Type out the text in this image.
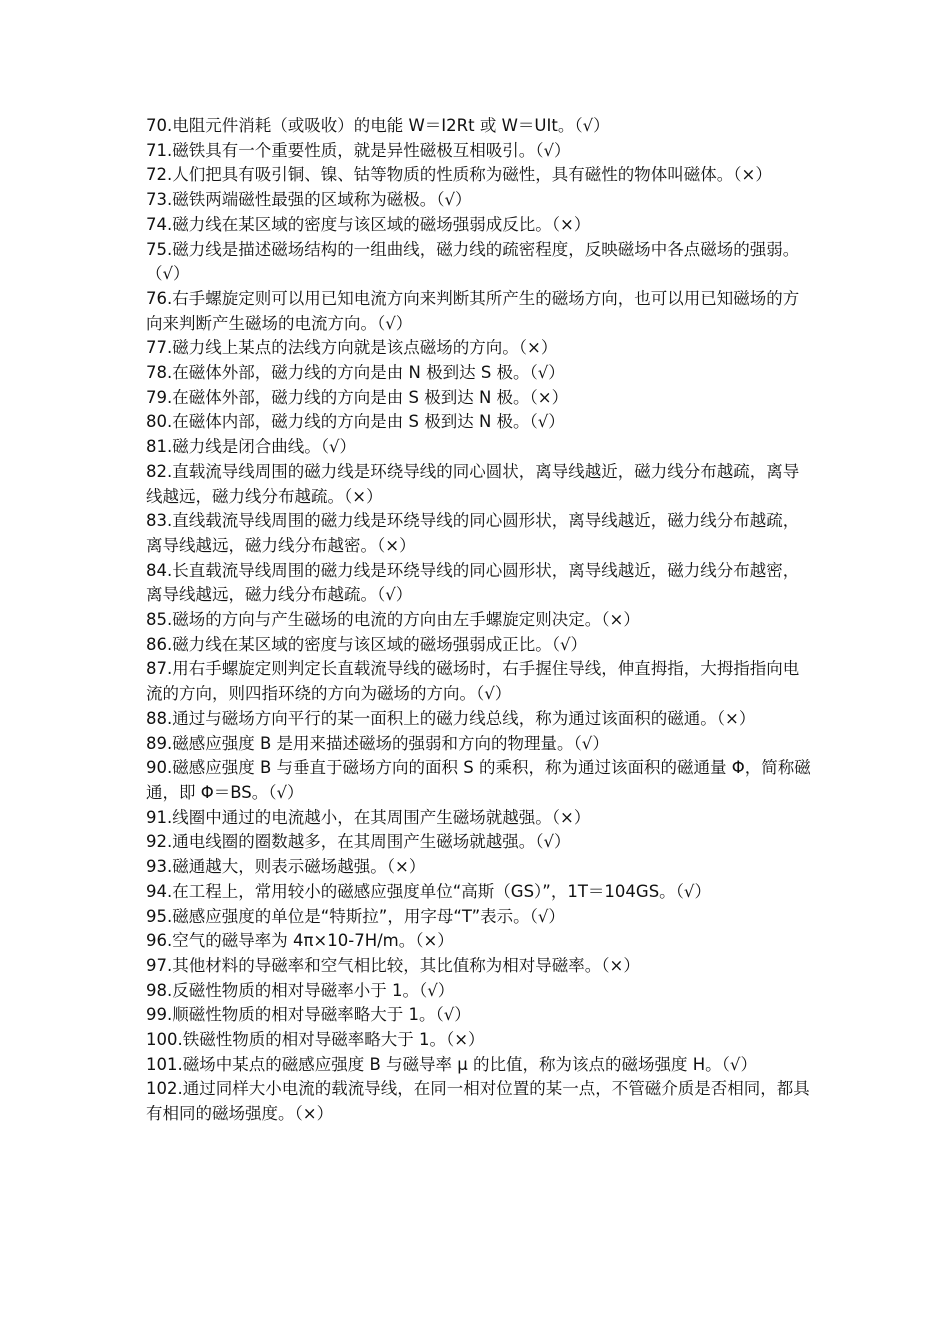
70.电阻元件消耗（或吸收）的电能 W＝I2Rt 或 W＝UIt。（√）

71.磁铁具有一个重要性质，就是异性磁极互相吸引。（√）

72.人们把具有吸引铜、镍、钴等物质的性质称为磁性，具有磁性的物体叫磁体。（×）

73.磁铁两端磁性最强的区域称为磁极。（√）

74.磁力线在某区域的密度与该区域的磁场强弱成反比。（×）

75.磁力线是描述磁场结构的一组曲线，磁力线的疏密程度，反映磁场中各点磁场的强弱。（√）

76.右手螺旋定则可以用已知电流方向来判断其所产生的磁场方向，也可以用已知磁场的方向来判断产生磁场的电流方向。（√）

77.磁力线上某点的法线方向就是该点磁场的方向。（×）

78.在磁体外部，磁力线的方向是由 N 极到达 S 极。（√）

79.在磁体外部，磁力线的方向是由 S 极到达 N 极。（×）

80.在磁体内部，磁力线的方向是由 S 极到达 N 极。（√）

81.磁力线是闭合曲线。（√）

82.直载流导线周围的磁力线是环绕导线的同心圆状，离导线越近，磁力线分布越疏，离导线越远，磁力线分布越疏。（×）

83.直线载流导线周围的磁力线是环绕导线的同心圆形状，离导线越近，磁力线分布越疏，离导线越远，磁力线分布越密。（×）

84.长直载流导线周围的磁力线是环绕导线的同心圆形状，离导线越近，磁力线分布越密，离导线越远，磁力线分布越疏。（√）

85.磁场的方向与产生磁场的电流的方向由左手螺旋定则决定。（×）

86.磁力线在某区域的密度与该区域的磁场强弱成正比。（√）

87.用右手螺旋定则判定长直载流导线的磁场时，右手握住导线，伸直拇指，大拇指指向电流的方向，则四指环绕的方向为磁场的方向。（√）

88.通过与磁场方向平行的某一面积上的磁力线总线，称为通过该面积的磁通。（×）

89.磁感应强度 B 是用来描述磁场的强弱和方向的物理量。（√）

90.磁感应强度 B 与垂直于磁场方向的面积 S 的乘积，称为通过该面积的磁通量 Φ，简称磁通，即 Φ＝BS。（√）

91.线圈中通过的电流越小，在其周围产生磁场就越强。（×）

92.通电线圈的圈数越多，在其周围产生磁场就越强。（√）

93.磁通越大，则表示磁场越强。（×）

94.在工程上，常用较小的磁感应强度单位“高斯（GS）”，1T＝104GS。（√）

95.磁感应强度的单位是“特斯拉”，用字母“T”表示。（√）

96.空气的磁导率为 4π×10-7H/m。（×）

97.其他材料的导磁率和空气相比较，其比值称为相对导磁率。（×）

98.反磁性物质的相对导磁率小于 1。（√）

99.顺磁性物质的相对导磁率略大于 1。（√）

100.铁磁性物质的相对导磁率略大于 1。（×）

101.磁场中某点的磁感应强度 B 与磁导率 μ 的比值，称为该点的磁场强度 H。（√）

102.通过同样大小电流的载流导线，在同一相对位置的某一点，不管磁介质是否相同，都具有相同的磁场强度。（×）
